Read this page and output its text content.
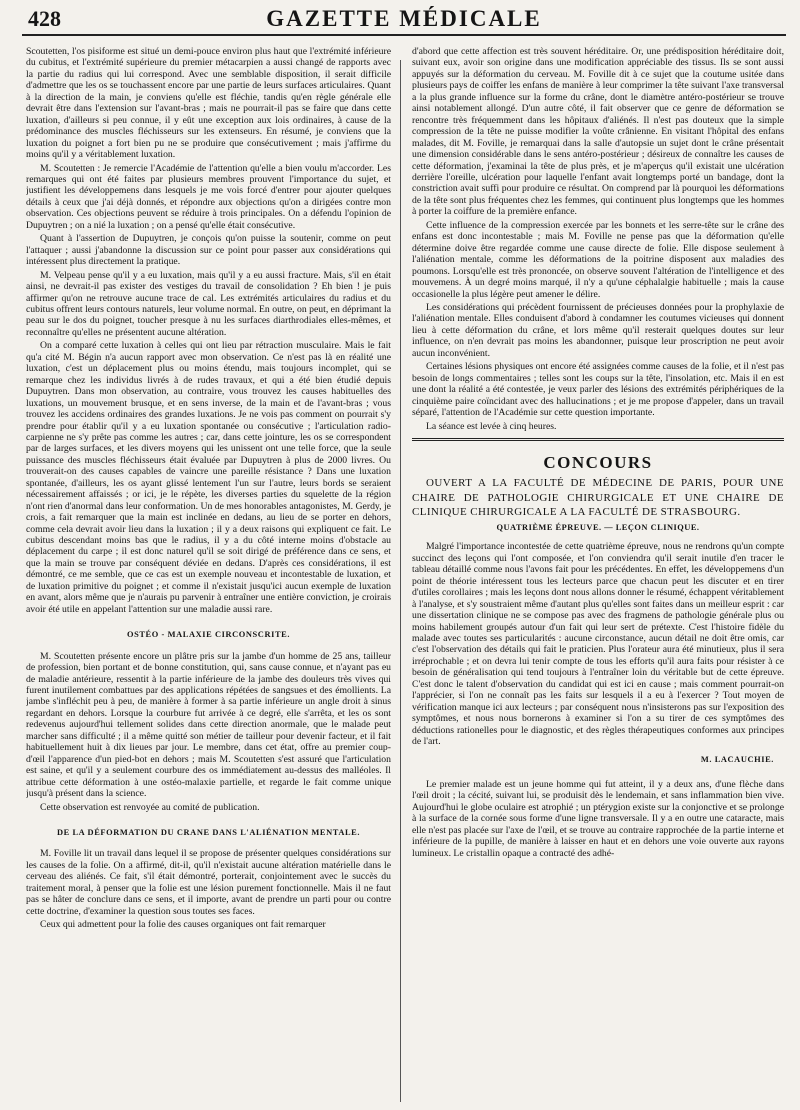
428	GAZETTE MÉDICALE

Scoutetten, l'os pisiforme est situé un demi-pouce environ plus haut que l'extrémité inférieure du cubitus, et l'extrémité supérieure du premier métacarpien a aussi changé de rapports avec la partie du radius qui lui correspond. Avec une semblable disposition, il serait difficile d'admettre que les os se touchassent encore par une partie de leurs surfaces articulaires. Quant à la direction de la main, je conviens qu'elle est fléchie, tandis qu'en règle générale elle devrait être dans l'extension sur l'avant-bras ; mais ne pourrait-il pas se faire que dans cette luxation, d'ailleurs si peu connue, il y eût une exception aux lois ordinaires, à cause de la prédominance des muscles fléchisseurs sur les extenseurs. En résumé, je conviens que la luxation du poignet a fort bien pu ne se produire que consécutivement ; mais j'affirme du moins qu'il y a véritablement luxation.

M. Scoutetten : Je remercie l'Académie de l'attention qu'elle a bien voulu m'accorder. Les remarques qui ont été faites par plusieurs membres prouvent l'importance du sujet, et justifient les développemens dans lesquels je me vois forcé d'entrer pour ajouter quelques détails à ceux que j'ai déjà donnés, et répondre aux objections qu'on a dirigées contre mon observation. Ces objections peuvent se réduire à trois principales. On a défendu l'opinion de Dupuytren ; on a nié la luxation ; on a pensé qu'elle était consécutive.

Quant à l'assertion de Dupuytren, je conçois qu'on puisse la soutenir, comme on peut l'attaquer ; aussi j'abandonne la discussion sur ce point pour passer aux considérations qui intéressent plus directement la pratique.

M. Velpeau pense qu'il y a eu luxation, mais qu'il y a eu aussi fracture. Mais, s'il en était ainsi, ne devrait-il pas exister des vestiges du travail de consolidation ? Eh bien ! je puis affirmer qu'on ne retrouve aucune trace de cal. Les extrémités articulaires du radius et du cubitus offrent leurs contours naturels, leur volume normal. En outre, on peut, en déprimant la peau sur le dos du poignet, toucher presque à nu les surfaces diarthrodiales elles-mêmes, et reconnaître qu'elles ne présentent aucune altération.

On a comparé cette luxation à celles qui ont lieu par rétraction musculaire. Mais le fait qu'a cité M. Bégin n'a aucun rapport avec mon observation. Ce n'est pas là en réalité une luxation, c'est un déplacement plus ou moins étendu, mais toujours incomplet, qui se remarque chez les individus livrés à de rudes travaux, et qui a été bien étudié depuis Dupuytren. Dans mon observation, au contraire, vous trouvez les causes habituelles des luxations, un mouvement brusque, et en sens inverse, de la main et de l'avant-bras ; vous trouvez les accidens ordinaires des grandes luxations. Je ne vois pas comment on pourrait s'y prendre pour établir qu'il y a eu luxation spontanée ou consécutive ; l'articulation radio-carpienne ne s'y prête pas comme les autres ; car, dans cette jointure, les os se correspondent par de larges surfaces, et les divers moyens qui les unissent ont une telle force, que la seule puissance des muscles fléchisseurs était évaluée par Dupuytren à plus de 2000 livres. Ou trouverait-on des causes capables de vaincre une pareille résistance ? Dans une luxation spontanée, d'ailleurs, les os ayant glissé lentement l'un sur l'autre, leurs bords se seraient nécessairement affaissés ; or ici, je le répète, les diverses parties du squelette de la région n'ont rien d'anormal dans leur conformation. Un de mes honorables antagonistes, M. Gerdy, je crois, a fait remarquer que la main est inclinée en dedans, au lieu de se porter en dehors, comme cela devrait avoir lieu dans la luxation ; il y a deux raisons qui expliquent ce fait. Le cubitus descendant moins bas que le radius, il y a du côté interne moins d'obstacle au déplacement du carpe ; il est donc naturel qu'il se soit dirigé de préférence dans ce sens, et que la main se trouve par conséquent déviée en dedans. D'après ces considérations, il est démontré, ce me semble, que ce cas est un exemple nouveau et incontestable de luxation, et de luxation primitive du poignet ; et comme il n'existait jusqu'ici aucun exemple de luxation en avant, alors même que je n'aurais pu parvenir à entraîner une entière conviction, je croirais avoir été utile en appelant l'attention sur une maladie aussi rare.

OSTÉO - MALAXIE CIRCONSCRITE.

M. Scoutetten présente encore un plâtre pris sur la jambe d'un homme de 25 ans, tailleur de profession, bien portant et de bonne constitution, qui, sans cause connue, et n'ayant pas eu de maladie antérieure, ressentit à la partie inférieure de la jambe des douleurs très vives qui furent inutilement combattues par des applications répétées de sangsues et des émollients. La jambe s'infléchit peu à peu, de manière à former à sa partie inférieure un angle droit à sinus regardant en dehors. Lorsque la courbure fut arrivée à ce degré, elle s'arrêta, et les os sont redevenus aujourd'hui tellement solides dans cette direction anormale, que le malade peut marcher sans difficulté ; il a même quitté son métier de tailleur pour devenir facteur, et il fait habituellement huit à dix lieues par jour. Le membre, dans cet état, offre au premier coup-d'œil l'apparence d'un pied-bot en dehors ; mais M. Scoutetten s'est assuré que l'articulation est saine, et qu'il y a seulement courbure des os immédiatement au-dessus des malléoles. Il attribue cette déformation à une ostéo-malaxie partielle, et regarde le fait comme unique jusqu'à présent dans la science.

Cette observation est renvoyée au comité de publication.

DE LA DÉFORMATION DU CRANE DANS L'ALIÉNATION MENTALE.

M. Foville lit un travail dans lequel il se propose de présenter quelques considérations sur les causes de la folie. On a affirmé, dit-il, qu'il n'existait aucune altération matérielle dans le cerveau des aliénés. Ce fait, s'il était démontré, porterait, conjointement avec le succès du traitement moral, à penser que la folie est une lésion purement fonctionnelle. Mais il ne faut pas se hâter de conclure dans ce sens, et il importe, avant de prendre un parti pour ou contre cette doctrine, d'examiner la question sous toutes ses faces.

Ceux qui admettent pour la folie des causes organiques ont fait remarquer

d'abord que cette affection est très souvent héréditaire. Or, une prédisposition héréditaire doit, suivant eux, avoir son origine dans une modification appréciable des tissus. Ils se sont aussi appuyés sur la déformation du cerveau. M. Foville dit à ce sujet que la coutume usitée dans plusieurs pays de coiffer les enfans de manière à leur comprimer la tête suivant l'axe transversal a la plus grande influence sur la forme du crâne, dont le diamètre antéro-postérieur se trouve ainsi notablement allongé. D'un autre côté, il fait observer que ce genre de déformation se rencontre très fréquemment dans les hôpitaux d'aliénés. Il n'est pas douteux que la simple compression de la tête ne puisse modifier la voûte crânienne. En visitant l'hôpital des enfans malades, dit M. Foville, je remarquai dans la salle d'autopsie un sujet dont le crâne présentait une dimension considérable dans le sens antéro-postérieur ; désireux de connaître les causes de cette déformation, j'examinai la tête de plus près, et je m'aperçus qu'il existait une ulcération derrière l'oreille, ulcération pour laquelle l'enfant avait longtemps porté un bandage, dont la constriction avait suffi pour produire ce résultat. On comprend par là pourquoi les déformations de la tête sont plus fréquentes chez les femmes, qui continuent plus longtemps que les hommes à porter la coiffure de la première enfance.

Cette influence de la compression exercée par les bonnets et les serre-tête sur le crâne des enfans est donc incontestable ; mais M. Foville ne pense pas que la déformation qu'elle détermine doive être regardée comme une cause directe de folie. Elle dispose seulement à l'aliénation mentale, comme les déformations de la poitrine disposent aux maladies des poumons. Lorsqu'elle est très prononcée, on observe souvent l'altération de l'intelligence et des mouvemens. À un degré moins marqué, il n'y a qu'une céphalalgie habituelle ; mais la cause occasionelle la plus légère peut amener le délire.

Les considérations qui précèdent fournissent de précieuses données pour la prophylaxie de l'aliénation mentale. Elles conduisent d'abord à condamner les coutumes vicieuses qui donnent lieu à cette déformation du crâne, et lors même qu'il resterait quelques doutes sur leur influence, on n'en devrait pas moins les abandonner, puisque leur proscription ne peut avoir aucun inconvénient.

Certaines lésions physiques ont encore été assignées comme causes de la folie, et il n'est pas besoin de longs commentaires ; telles sont les coups sur la tête, l'insolation, etc. Mais il en est une dont la réalité a été contestée, je veux parler des lésions des extrémités périphériques de la cinquième paire coïncidant avec des hallucinations ; et je me propose d'appeler, dans un travail séparé, l'attention de l'Académie sur cette question importante.

La séance est levée à cinq heures.

CONCOURS

OUVERT A LA FACULTÉ DE MÉDECINE DE PARIS, POUR UNE CHAIRE DE PATHOLOGIE CHIRURGICALE ET UNE CHAIRE DE CLINIQUE CHIRURGICALE A LA FACULTÉ DE STRASBOURG.

QUATRIÈME ÉPREUVE. — LEÇON CLINIQUE.

Malgré l'importance incontestée de cette quatrième épreuve, nous ne rendrons qu'un compte succinct des leçons qui l'ont composée, et l'on conviendra qu'il serait inutile d'en tracer le tableau détaillé comme nous l'avons fait pour les précédentes. En effet, les développemens d'un point de théorie intéressent tous les lecteurs parce que chacun peut les discuter et en tirer d'utiles corollaires ; mais les leçons dont nous allons donner le résumé, échappent véritablement à l'analyse, et s'y soustraient même d'autant plus qu'elles sont faites dans un meilleur esprit : car une dissertation clinique ne se compose pas avec des fragmens de pathologie générale plus ou moins habilement groupés autour d'un fait qui leur sert de prétexte. C'est l'histoire fidèle du malade avec toutes ses particularités : aucune circonstance, aucun détail ne doit être omis, car c'est l'observation des détails qui fait le praticien. Plus l'orateur aura été minutieux, plus il sera irréprochable ; et on devra lui tenir compte de tous les efforts qu'il aura faits pour résister à ce besoin de généralisation qui tend toujours à l'entraîner loin du véritable but de cette épreuve. C'est donc le talent d'observation du candidat qui est ici en cause ; mais comment pourrait-on l'apprécier, si l'on ne connaît pas les faits sur lesquels il a eu à l'exercer ? Tout moyen de vérification manque ici aux lecteurs ; par conséquent nous n'insisterons pas sur l'exposition des symptômes, et nous nous bornerons à examiner si l'on a su tirer de ces symptômes des déductions rationelles pour le diagnostic, et des règles thérapeutiques conformes aux principes de l'art.

M. LACAUCHIE.

Le premier malade est un jeune homme qui fut atteint, il y a deux ans, d'une flèche dans l'œil droit ; la cécité, suivant lui, se produisit dès le lendemain, et sans inflammation bien vive. Aujourd'hui le globe oculaire est atrophié ; un ptérygion existe sur la conjonctive et se prolonge à la surface de la cornée sous forme d'une ligne transversale. Il y a en outre une cataracte, mais elle n'est pas placée sur l'axe de l'œil, et se trouve au contraire rapprochée de la partie interne et inférieure de la pupille, de manière à laisser en haut et en dehors une voie ouverte aux rayons lumineux. Le cristallin opaque a contracté des adhé-
